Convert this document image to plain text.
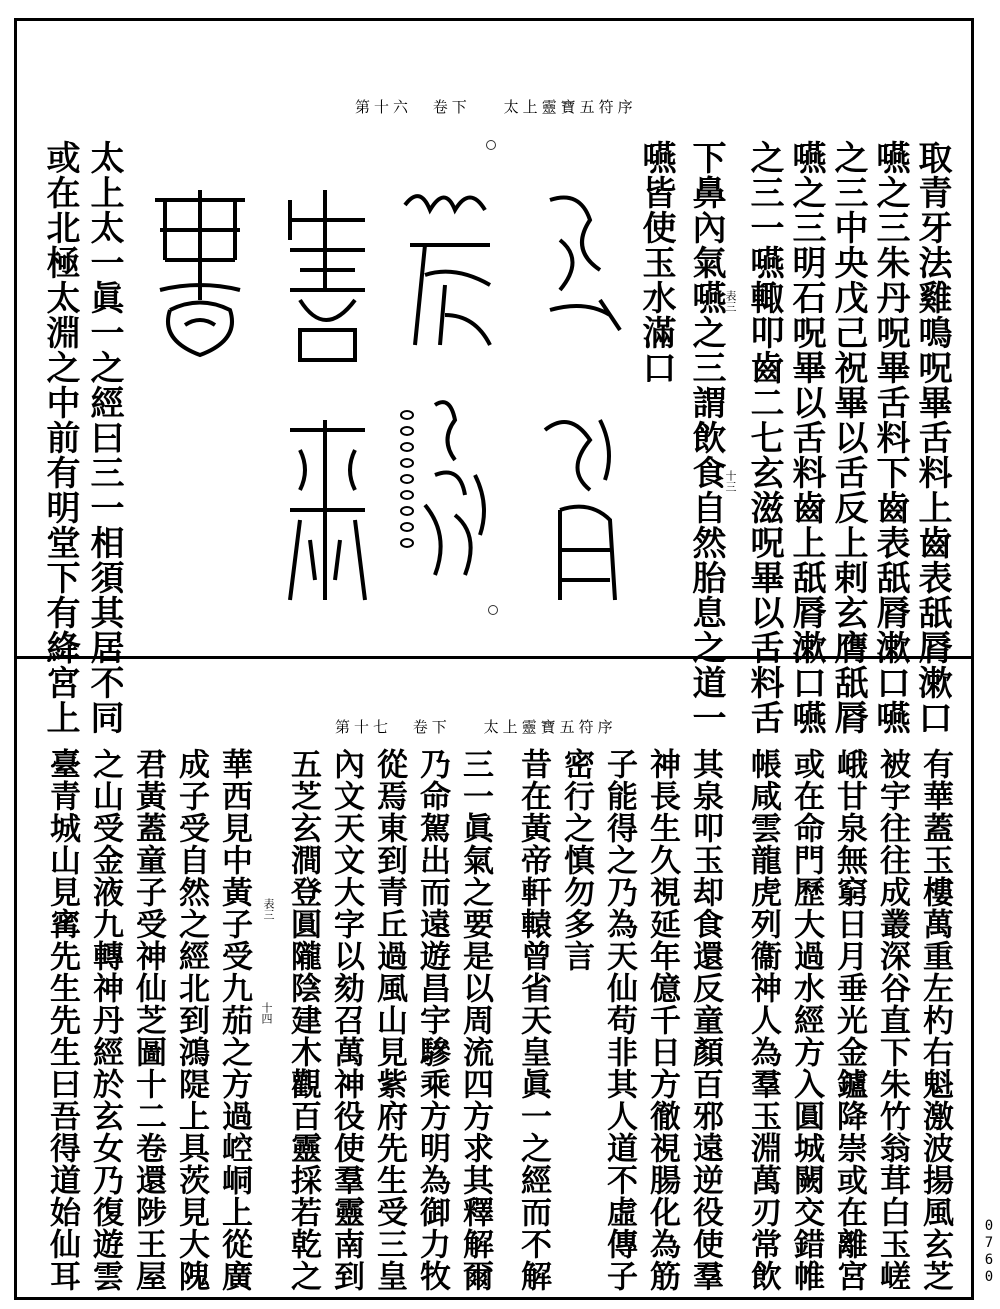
第十六 卷下 太上靈寶五符序
取青牙法雞鳴呪畢舌料上齒表舐脣漱口
嚥之三朱丹呪畢舌料下齒表舐脣漱口嚥
之三中央戊己祝畢以舌反上剌玄膺舐脣
嚥之三明石呪畢以舌料齒上舐脣漱口嚥
之三一嚥輙叩齒二七玄滋呪畢以舌料舌
下鼻內氣嚥之三謂飲食自然胎息之道一
嚥皆使玉水滿口	表三
十三
太上太一眞一之經曰三一相須其居不同
或在北極太淵之中前有明堂下有絳宮上	第十七 卷下 太上靈寶五符序
有華蓋玉樓萬重左杓右魁激波揚風玄芝
被宇往往成叢深谷直下朱竹翁茸白玉嵯
峨甘泉無窮日月垂光金鑪降崇或在離宮
或在命門歷大過水經方入圓城闕交錯帷
帳咸雲龍虎列衞神人為羣玉淵萬刃常飲
其泉叩玉却食還反童顏百邪遠逆役使羣
神長生久視延年億千日方徹視腸化為筋
子能得之乃為天仙苟非其人道不虛傳子
密行之慎勿多言
昔在黃帝軒轅曾省天皇眞一之經而不解
三一眞氣之要是以周流四方求其釋解爾
乃命駕出而遠遊昌宇驂乘方明為御力牧
從焉東到青丘過風山見紫府先生受三皇
內文天文大字以劾召萬神役使羣靈南到
五芝玄澗登圓隴陰建木觀百靈採若乾之
華西見中黃子受九茄之方過崆峒上從廣
成子受自然之經北到鴻隄上具茨見大隗
君黃蓋童子受神仙芝圖十二卷還陟王屋
之山受金液九轉神丹經於玄女乃復遊雲
臺青城山見寗先生先生曰吾得道始仙耳	表三
十四
0760
